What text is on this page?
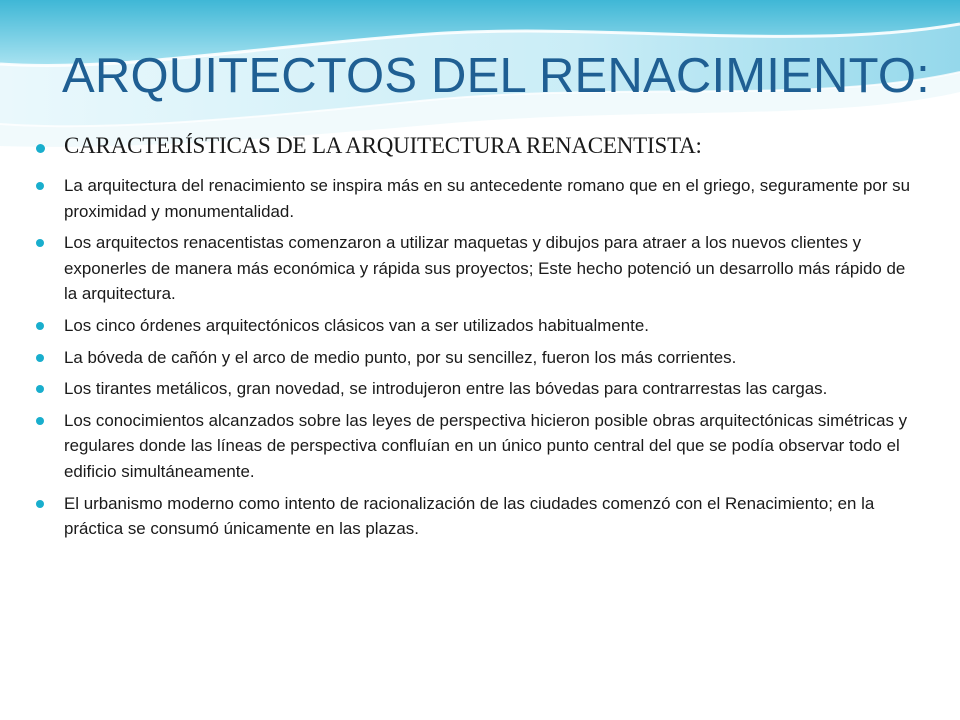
ARQUITECTOS DEL RENACIMIENTO:
CARACTERÍSTICAS DE LA ARQUITECTURA RENACENTISTA:
La arquitectura del renacimiento se inspira más en su antecedente romano que en el griego, seguramente por su proximidad y monumentalidad.
Los arquitectos renacentistas comenzaron a utilizar maquetas y dibujos para atraer a los nuevos clientes y exponerles de manera más económica y rápida sus proyectos; Este hecho potenció un desarrollo más rápido de la arquitectura.
Los cinco órdenes arquitectónicos clásicos van a ser utilizados habitualmente.
La bóveda de cañón y el arco de medio punto, por su sencillez, fueron los más corrientes.
Los tirantes metálicos, gran novedad, se introdujeron entre las bóvedas para contrarrestas las cargas.
Los conocimientos alcanzados sobre las leyes de perspectiva hicieron posible obras arquitectónicas simétricas y regulares donde las líneas de perspectiva confluían en un único punto central del que se podía observar todo el edificio simultáneamente.
El urbanismo moderno como intento de racionalización de las ciudades comenzó con el Renacimiento; en la práctica se consumó únicamente en las plazas.
